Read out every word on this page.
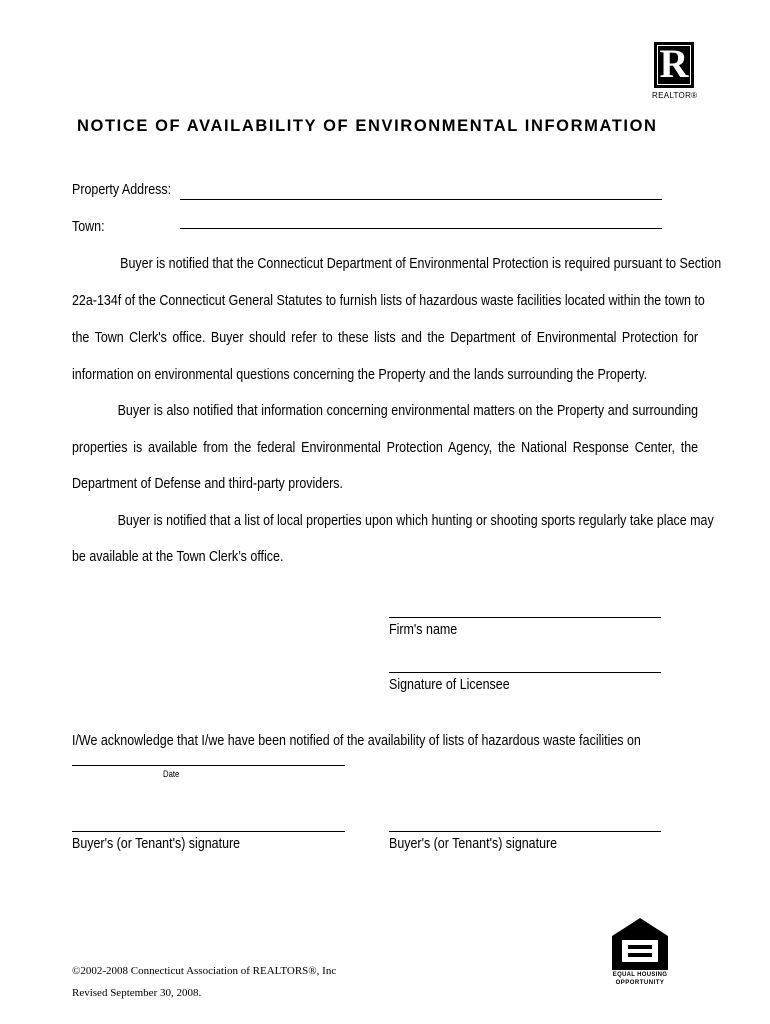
R
REALTOR®
NOTICE OF AVAILABILITY OF ENVIRONMENTAL INFORMATION
Property Address:
Town:
Buyer is notified that the Connecticut Department of Environmental Protection is required pursuant to Section
22a-134f of the Connecticut General Statutes to furnish lists of hazardous waste facilities located within the town to
the Town Clerk's office. Buyer should refer to these lists and the Department of Environmental Protection for
information on environmental questions concerning the Property and the lands surrounding the Property.
Buyer is also notified that information concerning environmental matters on the Property and surrounding
properties is available from the federal Environmental Protection Agency, the National Response Center, the
Department of Defense and third-party providers.
Buyer is notified that a list of local properties upon which hunting or shooting sports regularly take place may
be available at the Town Clerk’s office.
Firm's name
Signature of Licensee
I/We acknowledge that I/we have been notified of the availability of lists of hazardous waste facilities on
Date
Buyer's (or Tenant's) signature	Buyer's (or Tenant's) signature
©2002-2008 Connecticut Association of REALTORS®, Inc
Revised September 30, 2008.
EQUAL HOUSING
OPPORTUNITY
